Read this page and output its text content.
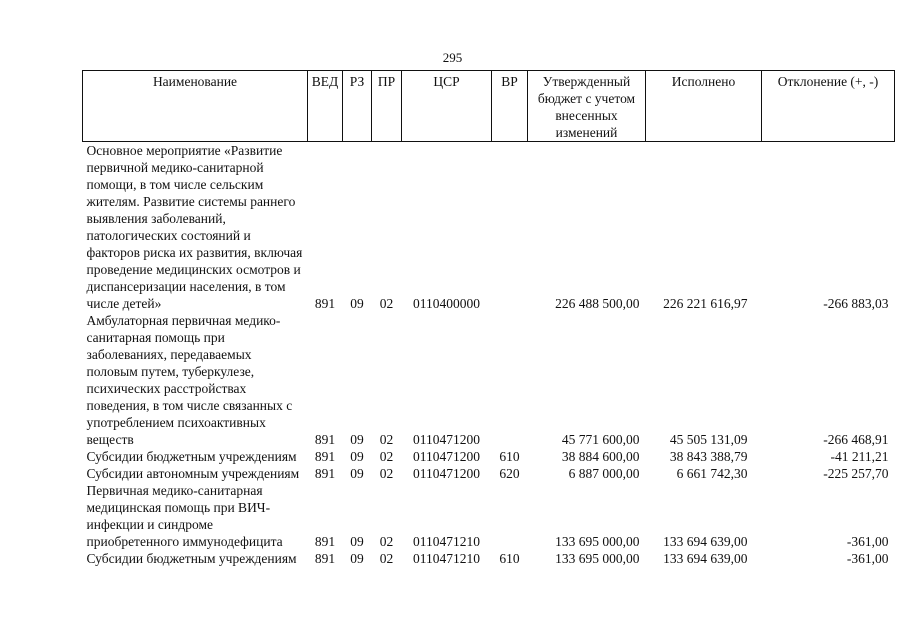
295
Наименование	ВЕД	РЗ	ПР	ЦСР	ВР	Утвержденный бюджет с учетом внесенных изменений	Исполнено	Отклонение (+, -)
Основное мероприятие «Развитие первичной медико-санитарной помощи, в том числе сельским жителям. Развитие системы раннего выявления заболеваний, патологических состояний и факторов риска их развития, включая проведение медицинских осмотров и диспансеризации населения, в том числе детей»	891	09	02	0110400000		226 488 500,00	226 221 616,97	-266 883,03
Амбулаторная первичная медико-санитарная помощь при заболеваниях, передаваемых половым путем, туберкулезе, психических расстройствах поведения, в том числе связанных с употреблением психоактивных веществ	891	09	02	0110471200		45 771 600,00	45 505 131,09	-266 468,91
Субсидии бюджетным учреждениям	891	09	02	0110471200	610	38 884 600,00	38 843 388,79	-41 211,21
Субсидии автономным учреждениям	891	09	02	0110471200	620	6 887 000,00	6 661 742,30	-225 257,70
Первичная медико-санитарная медицинская помощь при ВИЧ-инфекции и синдроме приобретенного иммунодефицита	891	09	02	0110471210		133 695 000,00	133 694 639,00	-361,00
Субсидии бюджетным учреждениям	891	09	02	0110471210	610	133 695 000,00	133 694 639,00	-361,00
